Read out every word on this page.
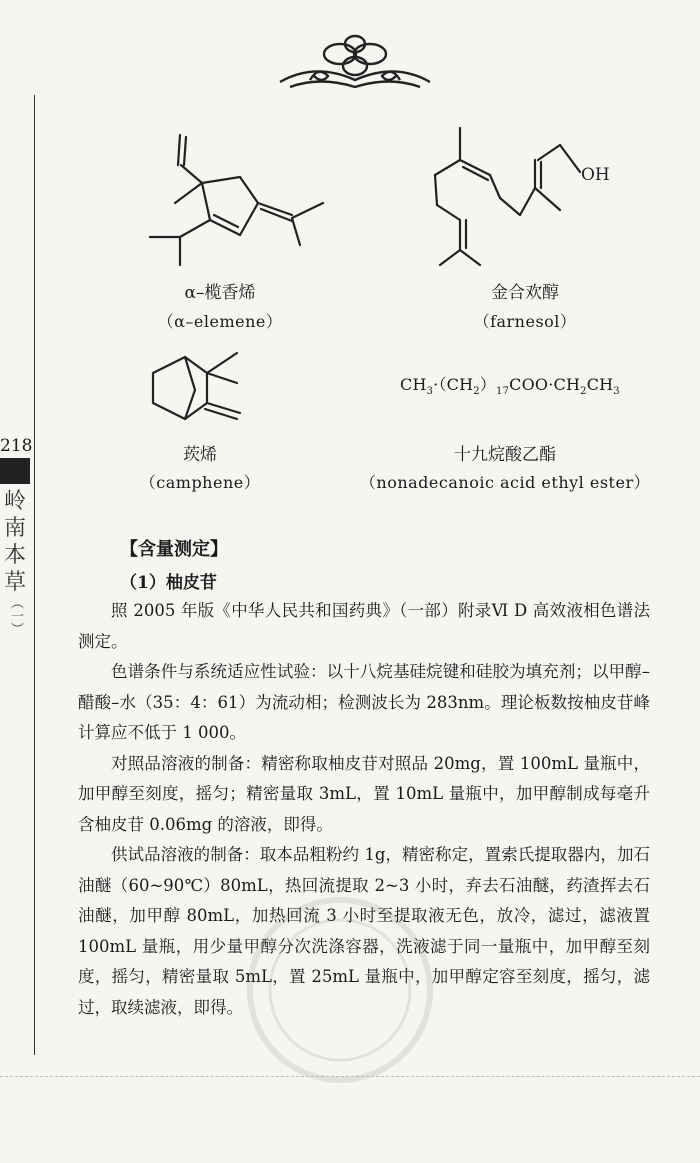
218
岭
南
本
草
（一）
OH
α–榄香烯
（α–elemene）
金合欢醇
（farnesol）
$CH_3\cdot(CH_2)_{17}COO\cdot CH_2CH_3$
莰烯
（camphene）
十九烷酸乙酯
（nonadecanoic acid ethyl ester）
【含量测定】
（1）柚皮苷

照 2005 年版《中华人民共和国药典》（一部）附录Ⅵ D 高效液相色谱法测定。

色谱条件与系统适应性试验：以十八烷基硅烷键和硅胶为填充剂；以甲醇–醋酸–水（35：4：61）为流动相；检测波长为 283nm。理论板数按柚皮苷峰计算应不低于 1 000。

对照品溶液的制备：精密称取柚皮苷对照品 20mg，置 100mL 量瓶中，加甲醇至刻度，摇匀；精密量取 3mL，置 10mL 量瓶中，加甲醇制成每毫升含柚皮苷 0.06mg 的溶液，即得。

供试品溶液的制备：取本品粗粉约 1g，精密称定，置索氏提取器内，加石油醚（60~90℃）80mL，热回流提取 2~3 小时，弃去石油醚，药渣挥去石油醚，加甲醇 80mL，加热回流 3 小时至提取液无色，放冷，滤过，滤液置 100mL 量瓶，用少量甲醇分次洗涤容器，洗液滤于同一量瓶中，加甲醇至刻度，摇匀，精密量取 5mL，置 25mL 量瓶中，加甲醇定容至刻度，摇匀，滤过，取续滤液，即得。
